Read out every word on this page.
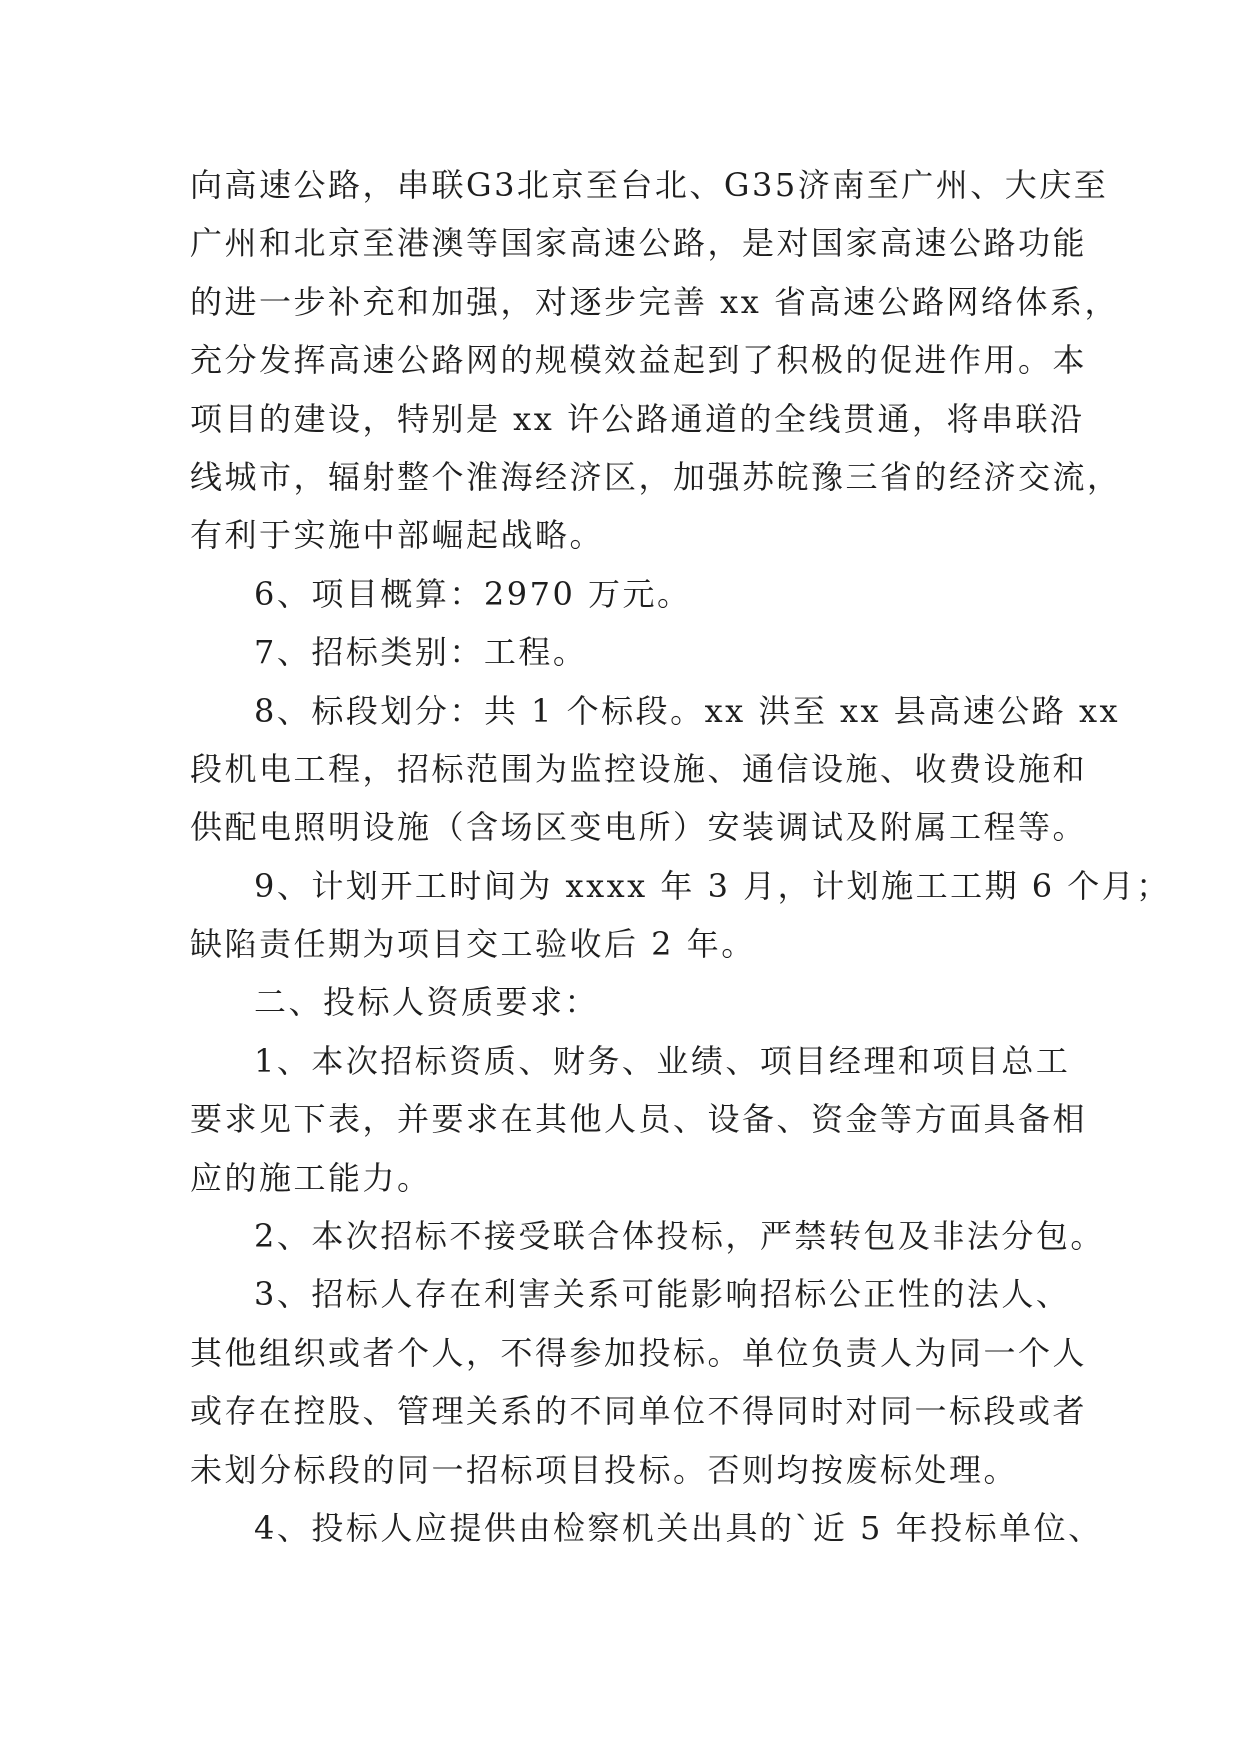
向高速公路，串联G3北京至台北、G35济南至广州、大庆至
广州和北京至港澳等国家高速公路，是对国家高速公路功能
的进一步补充和加强，对逐步完善 xx 省高速公路网络体系，
充分发挥高速公路网的规模效益起到了积极的促进作用。本
项目的建设，特别是 xx 许公路通道的全线贯通，将串联沿
线城市，辐射整个淮海经济区，加强苏皖豫三省的经济交流，
有利于实施中部崛起战略。
6、项目概算：2970 万元。
7、招标类别：工程。
8、标段划分：共 1 个标段。xx 洪至 xx 县高速公路 xx
段机电工程，招标范围为监控设施、通信设施、收费设施和
供配电照明设施（含场区变电所）安装调试及附属工程等。
9、计划开工时间为 xxxx 年 3 月，计划施工工期 6 个月；
缺陷责任期为项目交工验收后 2 年。
二、投标人资质要求：
1、本次招标资质、财务、业绩、项目经理和项目总工
要求见下表，并要求在其他人员、设备、资金等方面具备相
应的施工能力。
2、本次招标不接受联合体投标，严禁转包及非法分包。
3、招标人存在利害关系可能影响招标公正性的法人、
其他组织或者个人，不得参加投标。单位负责人为同一个人
或存在控股、管理关系的不同单位不得同时对同一标段或者
未划分标段的同一招标项目投标。否则均按废标处理。
4、投标人应提供由检察机关出具的`近 5 年投标单位、
